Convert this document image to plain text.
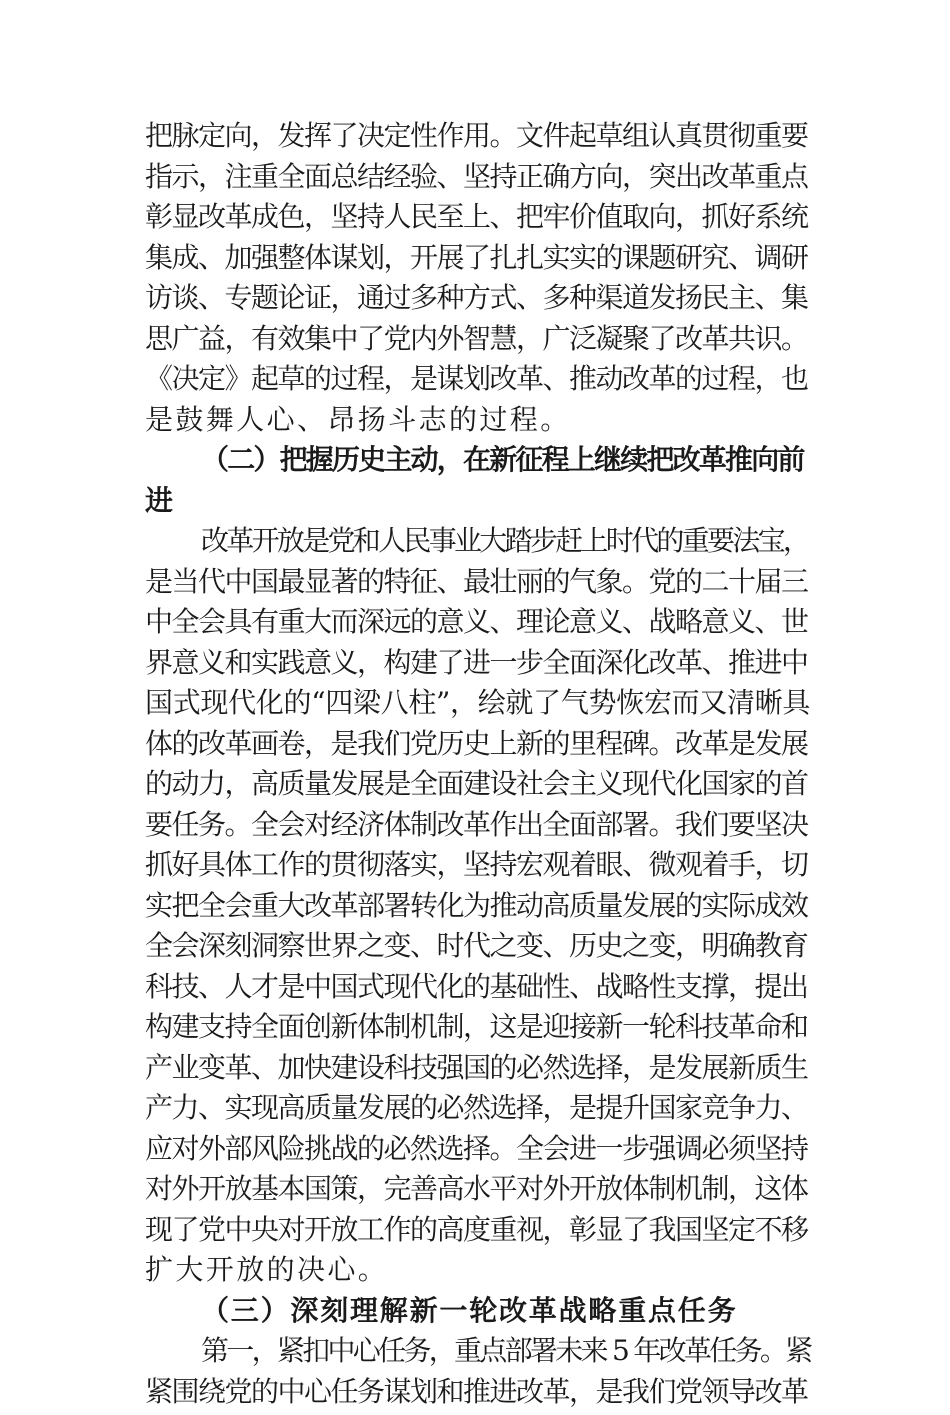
把脉定向，发挥了决定性作用。文件起草组认真贯彻重要
指示，注重全面总结经验、坚持正确方向，突出改革重点
彰显改革成色，坚持人民至上、把牢价值取向，抓好系统
集成、加强整体谋划，开展了扎扎实实的课题研究、调研
访谈、专题论证，通过多种方式、多种渠道发扬民主、集
思广益，有效集中了党内外智慧，广泛凝聚了改革共识。
《决定》起草的过程，是谋划改革、推动改革的过程，也
是鼓舞人心、昂扬斗志的过程。
（二）把握历史主动，在新征程上继续把改革推向前
进
改革开放是党和人民事业大踏步赶上时代的重要法宝，
是当代中国最显著的特征、最壮丽的气象。党的二十届三
中全会具有重大而深远的意义、理论意义、战略意义、世
界意义和实践意义，构建了进一步全面深化改革、推进中
国式现代化的“四梁八柱”，绘就了气势恢宏而又清晰具
体的改革画卷，是我们党历史上新的里程碑。改革是发展
的动力，高质量发展是全面建设社会主义现代化国家的首
要任务。全会对经济体制改革作出全面部署。我们要坚决
抓好具体工作的贯彻落实，坚持宏观着眼、微观着手，切
实把全会重大改革部署转化为推动高质量发展的实际成效
全会深刻洞察世界之变、时代之变、历史之变，明确教育
科技、人才是中国式现代化的基础性、战略性支撑，提出
构建支持全面创新体制机制，这是迎接新一轮科技革命和
产业变革、加快建设科技强国的必然选择，是发展新质生
产力、实现高质量发展的必然选择，是提升国家竞争力、
应对外部风险挑战的必然选择。全会进一步强调必须坚持
对外开放基本国策，完善高水平对外开放体制机制，这体
现了党中央对开放工作的高度重视，彰显了我国坚定不移
扩大开放的决心。
（三）深刻理解新一轮改革战略重点任务
第一，紧扣中心任务，重点部署未来 5 年改革任务。紧
紧围绕党的中心任务谋划和推进改革，是我们党领导改革
